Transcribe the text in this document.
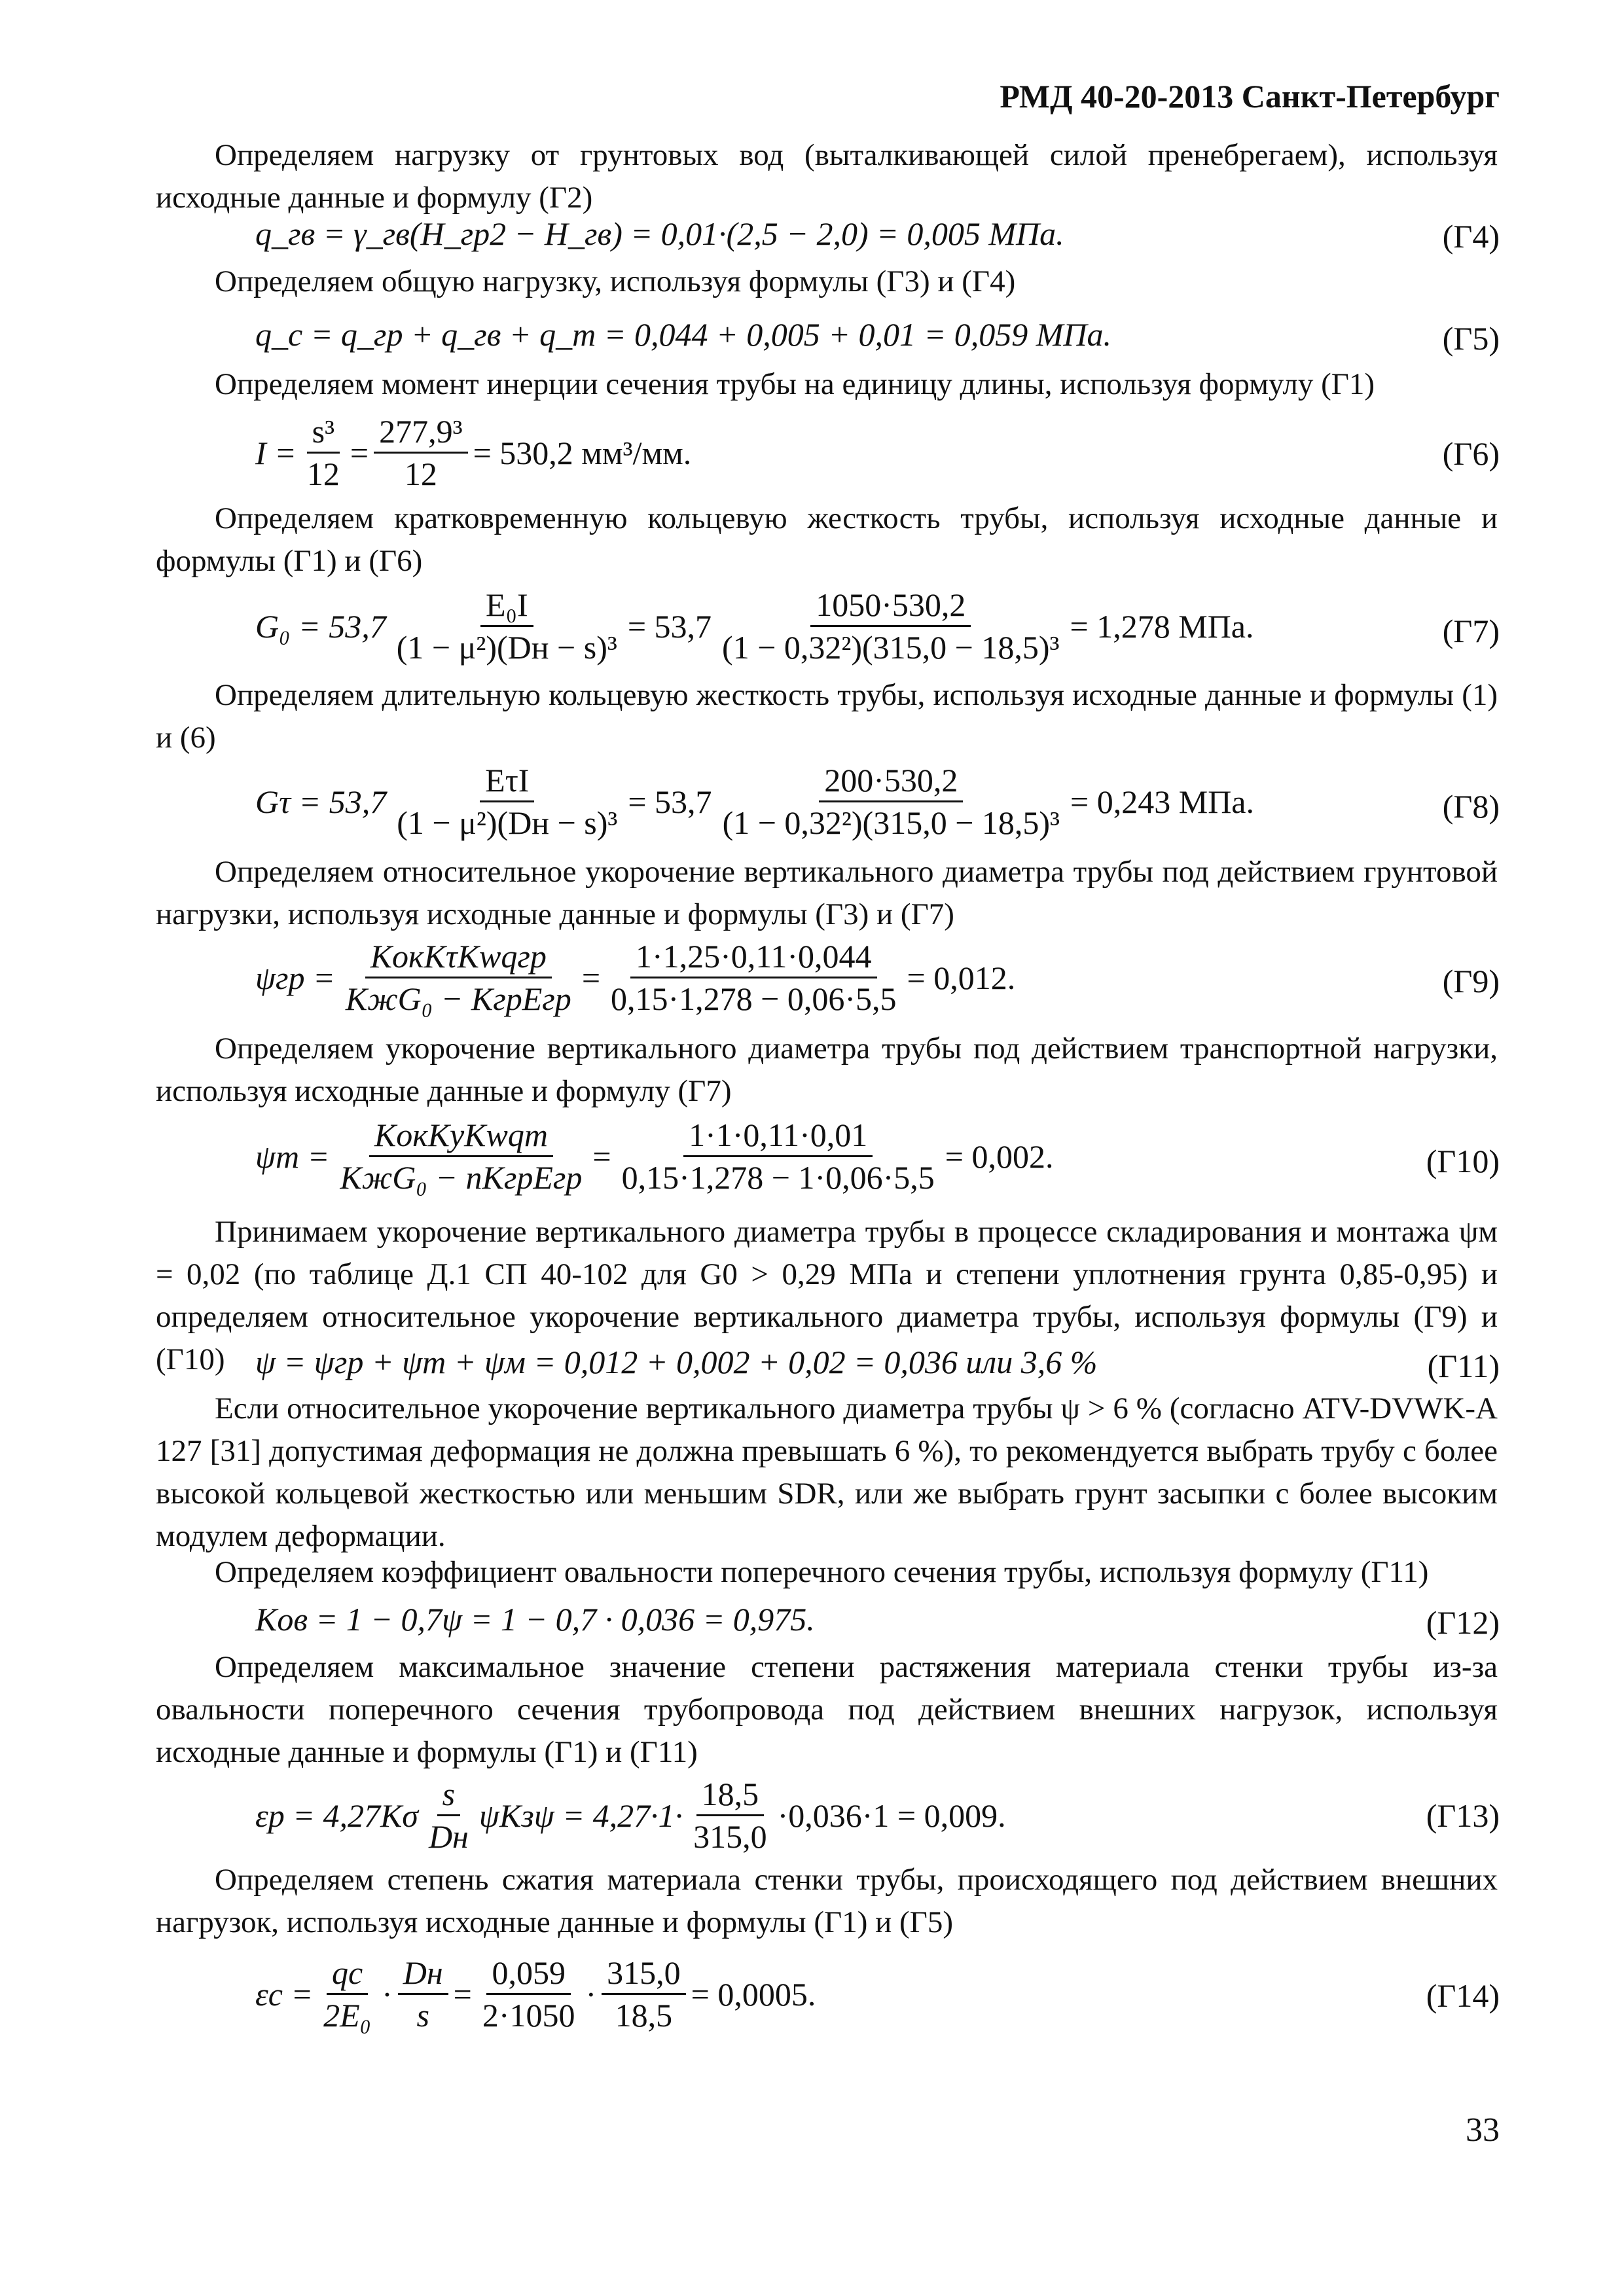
РМД 40-20-2013 Санкт-Петербург
Определяем нагрузку от грунтовых вод (выталкивающей силой пренебрегаем), используя исходные данные и формулу (Г2)
q_гв = γ_гв(H_гр2 − H_гв) = 0,01·(2,5 − 2,0) = 0,005 МПа.	(Г4)
Определяем общую нагрузку, используя формулы (Г3) и (Г4)
q_c = q_гр + q_гв + q_т = 0,044 + 0,005 + 0,01 = 0,059 МПа.	(Г5)
Определяем момент инерции сечения трубы на единицу длины, используя формулу (Г1)
$I = \frac{\text{s³}}{12} = \frac{\text{277,9³}}{12} = 530,2$ мм³/мм.	(Г6)
Определяем кратковременную кольцевую жесткость трубы, используя исходные данные и формулы (Г1) и (Г6)
$G_0 = 53,7 \frac{\text{E₀I}}{\text{(1 − μ²)(Dн − s)³}} = 53,7 \frac{1050\cdot 530,2}{\text{(1 − 0,32²)(315,0 − 18,5)³}} = 1,278$ МПа.	(Г7)
Определяем длительную кольцевую жесткость трубы, используя исходные данные и формулы (1) и (6)
$G\tau = 53,7 \frac{\text{EτI}}{\text{(1 − μ²)(Dн − s)³}} = 53,7 \frac{200\cdot 530,2}{\text{(1 − 0,32²)(315,0 − 18,5)³}} = 0,243$ МПа.	(Г8)
Определяем относительное укорочение вертикального диаметра трубы под действием грунтовой нагрузки, используя исходные данные и формулы (Г3) и (Г7)
$\psi гр = \frac{\text{KокKτKwqгр}}{\text{KжG₀ − KгрEгр}} = \frac{1\cdot 1,25\cdot 0,11\cdot 0,044}{0,15\cdot 1,278 - 0,06\cdot 5,5} = 0,012$.	(Г9)
Определяем укорочение вертикального диаметра трубы под действием транспортной нагрузки, используя исходные данные и формулу (Г7)
$\psi т = \frac{\text{KокKyKwqт}}{\text{KжG₀ − nKгрEгр}} = \frac{1\cdot 1\cdot 0,11\cdot 0,01}{0,15\cdot 1,278 - 1\cdot 0,06\cdot 5,5} = 0,002$.	(Г10)
Принимаем укорочение вертикального диаметра трубы в процессе складирования и монтажа ψм = 0,02 (по таблице Д.1 СП 40-102 для G0 > 0,29 МПа и степени уплотнения грунта 0,85-0,95) и определяем относительное укорочение вертикального диаметра трубы, используя формулы (Г9) и (Г10) ψ = ψгр + ψт + ψм = 0,012 + 0,002 + 0,02 = 0,036 или 3,6 %	(Г11)
Если относительное укорочение вертикального диаметра трубы ψ > 6 % (согласно ATV-DVWK-A 127 [31] допустимая деформация не должна превышать 6 %), то рекомендуется выбрать трубу с более высокой кольцевой жесткостью или меньшим SDR, или же выбрать грунт засыпки с более высоким модулем деформации.
Определяем коэффициент овальности поперечного сечения трубы, используя формулу (Г11)
Kов = 1 − 0,7ψ = 1 − 0,7 · 0,036 = 0,975.	(Г12)
Определяем максимальное значение степени растяжения материала стенки трубы из-за овальности поперечного сечения трубопровода под действием внешних нагрузок, используя исходные данные и формулы (Г1) и (Г11)
$\varepsilon p = 4,27K\sigma \frac{s}{Dн}$ $\psi Kз\psi = 4,27\cdot 1\cdot \frac{18,5}{315,0} \cdot 0,036\cdot 1 = 0,009$.	(Г13)
Определяем степень сжатия материала стенки трубы, происходящего под действием внешних нагрузок, используя исходные данные и формулы (Г1) и (Г5)
$\varepsilon c = \frac{qc}{\text{2E₀}} \cdot \frac{Dн}{s} = \frac{0,059}{2\cdot 1050} \cdot \frac{315,0}{18,5} = 0,0005$.	(Г14)
33
